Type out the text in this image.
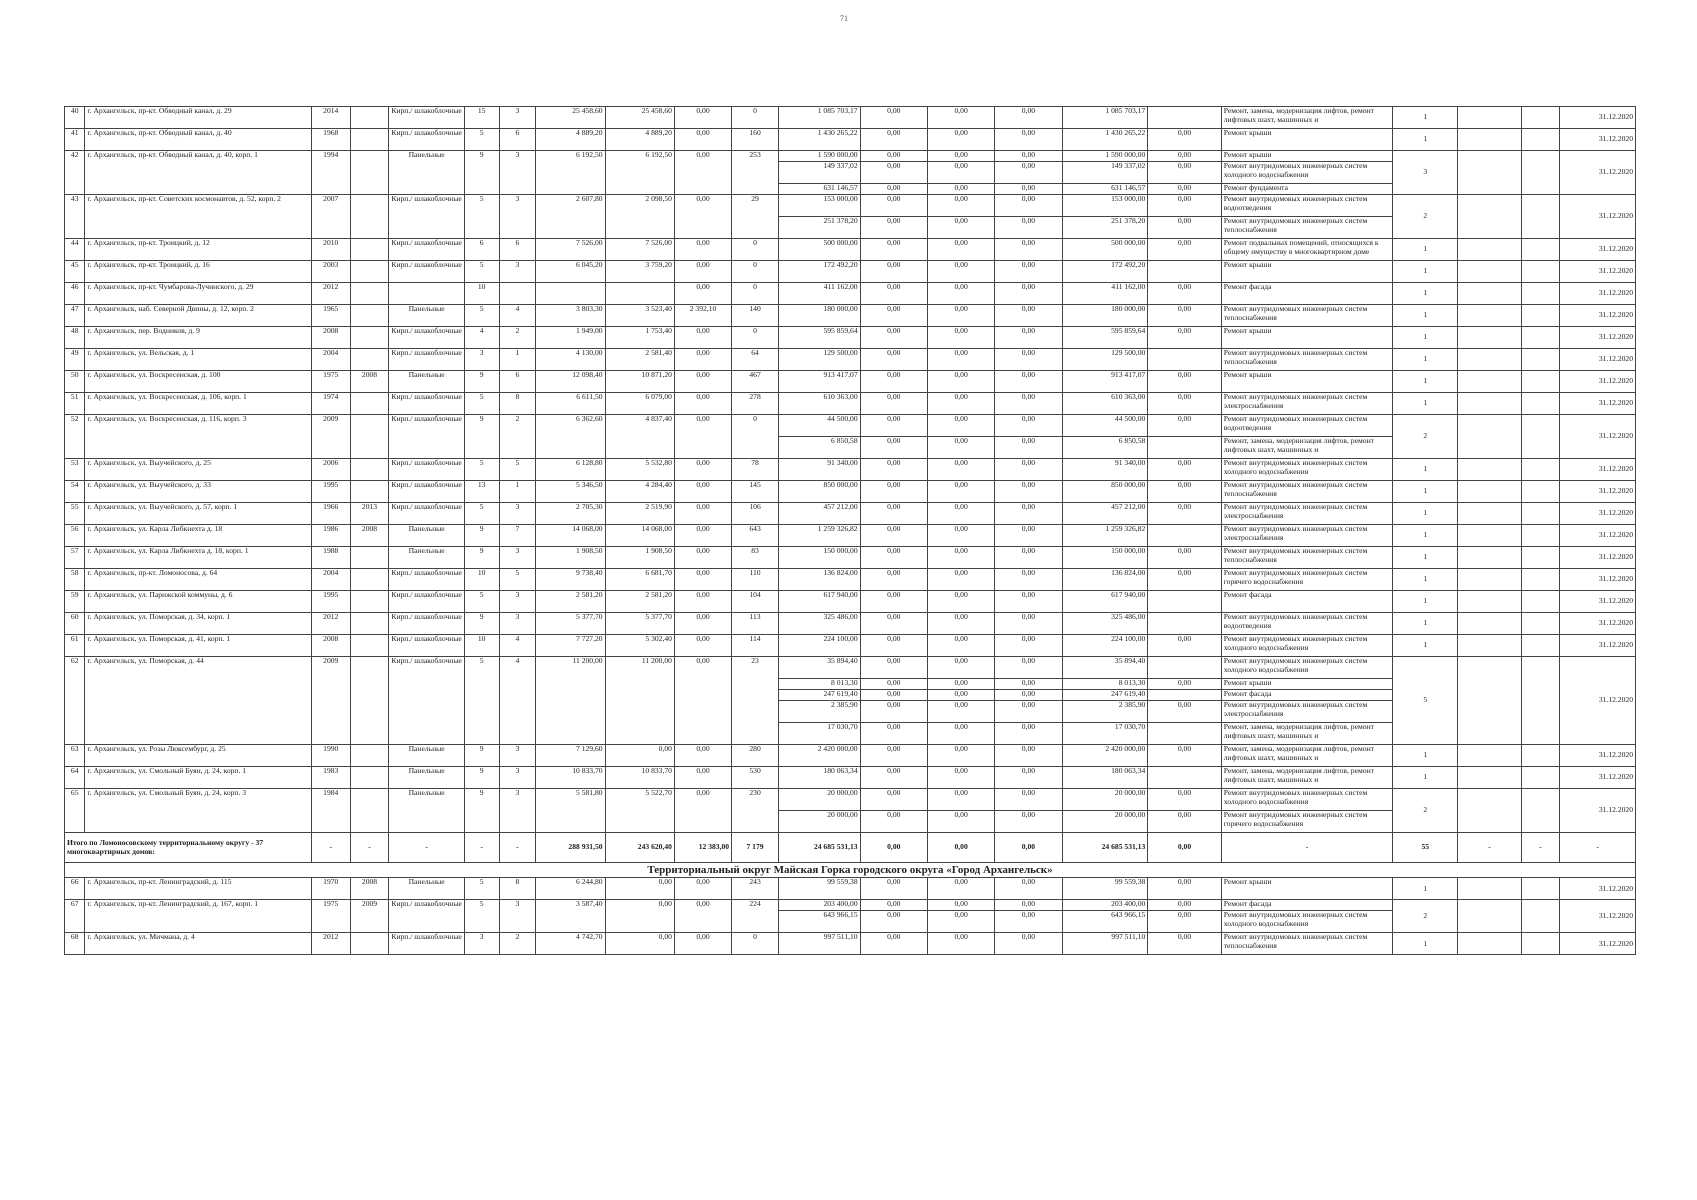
71
40	г. Архангельск, пр-кт. Обводный канал, д. 29	2014		Кирп./ шлакоблочные	15	3	25 458,60	25 458,60	0,00	0	1 085 703,17	0,00	0,00	0,00	1 085 703,17		Ремонт, замена, модернизация лифтов, ремонт лифтовых шахт, машинных и	1			31.12.2020
41	г. Архангельск, пр-кт. Обводный канал, д. 40	1968		Кирп./ шлакоблочные	5	6	4 889,20	4 889,20	0,00	160	1 430 265,22	0,00	0,00	0,00	1 430 265,22	0,00	Ремонт крыши	1			31.12.2020
42	г. Архангельск, пр-кт. Обводный канал, д. 40, корп. 1	1994		Панельные	9	3	6 192,50	6 192,50	0,00	253	1 590 000,00	0,00	0,00	0,00	1 590 000,00	0,00	Ремонт крыши	3			31.12.2020
											149 337,02	0,00	0,00	0,00	149 337,02	0,00	Ремонт внутридомовых инженерных систем холодного водоснабжения				
											631 146,57	0,00	0,00	0,00	631 146,57	0,00	Ремонт фундамента				
43	г. Архангельск, пр-кт. Советских космонавтов, д. 52, корп. 2	2007		Кирп./ шлакоблочные	5	3	2 607,80	2 098,50	0,00	29	153 000,00	0,00	0,00	0,00	153 000,00	0,00	Ремонт внутридомовых инженерных систем водоотведения	2			31.12.2020
											251 378,20	0,00	0,00	0,00	251 378,20	0,00	Ремонт внутридомовых инженерных систем теплоснабжения				
44	г. Архангельск, пр-кт. Троицкий, д. 12	2010		Кирп./ шлакоблочные	6	6	7 526,00	7 526,00	0,00	0	500 000,00	0,00	0,00	0,00	500 000,00	0,00	Ремонт подвальных помещений, относящихся к общему имуществу в многоквартирном доме	1			31.12.2020
45	г. Архангельск, пр-кт. Троицкий, д. 16	2003		Кирп./ шлакоблочные	5	3	6 045,20	3 759,20	0,00	0	172 492,20	0,00	0,00	0,00	172 492,20		Ремонт крыши	1			31.12.2020
46	г. Архангельск, пр-кт. Чумбарова-Лучинского, д. 29	2012			10				0,00	0	411 162,00	0,00	0,00	0,00	411 162,00	0,00	Ремонт фасада	1			31.12.2020
47	г. Архангельск, наб. Северной Двины, д. 12, корп. 2	1965		Панельные	5	4	3 803,30	3 523,40	2 392,10	140	180 000,00	0,00	0,00	0,00	180 000,00	0,00	Ремонт внутридомовых инженерных систем теплоснабжения	1			31.12.2020
48	г. Архангельск, пер. Водников, д. 9	2008		Кирп./ шлакоблочные	4	2	1 949,00	1 753,40	0,00	0	595 859,64	0,00	0,00	0,00	595 859,64	0,00	Ремонт крыши	1			31.12.2020
49	г. Архангельск, ул. Вельская, д. 1	2004		Кирп./ шлакоблочные	3	1	4 130,00	2 581,40	0,00	64	129 500,00	0,00	0,00	0,00	129 500,00		Ремонт внутридомовых инженерных систем теплоснабжения	1			31.12.2020
50	г. Архангельск, ул. Воскресенская, д. 100	1975	2008	Панельные	9	6	12 098,40	10 871,20	0,00	467	913 417,07	0,00	0,00	0,00	913 417,07	0,00	Ремонт крыши	1			31.12.2020
51	г. Архангельск, ул. Воскресенская, д. 106, корп. 1	1974		Кирп./ шлакоблочные	5	8	6 611,50	6 079,00	0,00	278	610 363,00	0,00	0,00	0,00	610 363,00	0,00	Ремонт внутридомовых инженерных систем электроснабжения	1			31.12.2020
52	г. Архангельск, ул. Воскресенская, д. 116, корп. 3	2009		Кирп./ шлакоблочные	9	2	6 362,60	4 837,40	0,00	0	44 500,00	0,00	0,00	0,00	44 500,00	0,00	Ремонт внутридомовых инженерных систем водоотведения	2			31.12.2020
											6 850,58	0,00	0,00	0,00	6 850,58		Ремонт, замена, модернизация лифтов, ремонт лифтовых шахт, машинных и				
53	г. Архангельск, ул. Выучейского, д. 25	2006		Кирп./ шлакоблочные	5	5	6 128,80	5 532,80	0,00	78	91 340,00	0,00	0,00	0,00	91 340,00	0,00	Ремонт внутридомовых инженерных систем холодного водоснабжения	1			31.12.2020
54	г. Архангельск, ул. Выучейского, д. 33	1995		Кирп./ шлакоблочные	13	1	5 346,50	4 284,40	0,00	145	850 000,00	0,00	0,00	0,00	850 000,00	0,00	Ремонт внутридомовых инженерных систем теплоснабжения	1			31.12.2020
55	г. Архангельск, ул. Выучейского, д. 57, корп. 1	1966	2013	Кирп./ шлакоблочные	5	3	2 705,30	2 519,90	0,00	106	457 212,00	0,00	0,00	0,00	457 212,00	0,00	Ремонт внутридомовых инженерных систем электроснабжения	1			31.12.2020
56	г. Архангельск, ул. Карла Либкнехта д. 18	1986	2008	Панельные	9	7	14 068,00	14 068,00	0,00	643	1 259 326,82	0,00	0,00	0,00	1 259 326,82		Ремонт внутридомовых инженерных систем электроснабжения	1			31.12.2020
57	г. Архангельск, ул. Карла Либкнехта д. 18, корп. 1	1988		Панельные	9	3	1 908,50	1 908,50	0,00	83	150 000,00	0,00	0,00	0,00	150 000,00	0,00	Ремонт внутридомовых инженерных систем теплоснабжения	1			31.12.2020
58	г. Архангельск, пр-кт. Ломоносова, д. 64	2004		Кирп./ шлакоблочные	10	5	9 738,40	6 681,70	0,00	110	136 824,00	0,00	0,00	0,00	136 824,00	0,00	Ремонт внутридомовых инженерных систем горячего водоснабжения	1			31.12.2020
59	г. Архангельск, ул. Парижской коммуны, д. 6	1995		Кирп./ шлакоблочные	5	3	2 581,20	2 581,20	0,00	104	617 940,00	0,00	0,00	0,00	617 940,00		Ремонт фасада	1			31.12.2020
60	г. Архангельск, ул. Поморская, д. 34, корп. 1	2012		Кирп./ шлакоблочные	9	3	5 377,70	5 377,70	0,00	113	325 486,00	0,00	0,00	0,00	325 486,00		Ремонт внутридомовых инженерных систем водоотведения	1			31.12.2020
61	г. Архангельск, ул. Поморская, д. 41, корп. 1	2008		Кирп./ шлакоблочные	10	4	7 727,20	5 302,40	0,00	114	224 100,00	0,00	0,00	0,00	224 100,00	0,00	Ремонт внутридомовых инженерных систем холодного водоснабжения	1			31.12.2020
62	г. Архангельск, ул. Поморская, д. 44	2009		Кирп./ шлакоблочные	5	4	11 200,00	11 200,00	0,00	23	35 894,40	0,00	0,00	0,00	35 894,40		Ремонт внутридомовых инженерных систем холодного водоснабжения	5			31.12.2020
											8 013,30	0,00	0,00	0,00	8 013,30	0,00	Ремонт крыши				
											247 619,40	0,00	0,00	0,00	247 619,40		Ремонт фасада				
											2 385,90	0,00	0,00	0,00	2 385,90	0,00	Ремонт внутридомовых инженерных систем электроснабжения				
											17 030,70	0,00	0,00	0,00	17 030,70		Ремонт, замена, модернизация лифтов, ремонт лифтовых шахт, машинных и				
63	г. Архангельск, ул. Розы Люксембург, д. 25	1990		Панельные	9	3	7 129,60	0,00	0,00	280	2 420 000,00	0,00	0,00	0,00	2 420 000,00	0,00	Ремонт, замена, модернизация лифтов, ремонт лифтовых шахт, машинных и	1			31.12.2020
64	г. Архангельск, ул. Смольный Буян, д. 24, корп. 1	1983		Панельные	9	3	10 833,70	10 833,70	0,00	530	180 063,34	0,00	0,00	0,00	180 063,34		Ремонт, замена, модернизация лифтов, ремонт лифтовых шахт, машинных и	1			31.12.2020
65	г. Архангельск, ул. Смольный Буян, д. 24, корп. 3	1984		Панельные	9	3	5 581,80	5 522,70	0,00	230	20 000,00	0,00	0,00	0,00	20 000,00	0,00	Ремонт внутридомовых инженерных систем холодного водоснабжения	2			31.12.2020
											20 000,00	0,00	0,00	0,00	20 000,00	0,00	Ремонт внутридомовых инженерных систем горячего водоснабжения				
Итого по Ломоносовскому территориальному округу - 37 многоквартирных домов:		-	-	-	-	-	288 931,50	243 620,40	12 383,00	7 179	24 685 531,13	0,00	0,00	0,00	24 685 531,13	0,00	-	55	-	-	-
Территориальный округ Майская Горка городского округа «Город Архангельск»																					
66	г. Архангельск, пр-кт. Ленинградский, д. 115	1970	2008	Панельные	5	8	6 244,80	0,00	0,00	243	99 559,38	0,00	0,00	0,00	99 559,38	0,00	Ремонт крыши	1			31.12.2020
67	г. Архангельск, пр-кт. Ленинградский, д. 167, корп. 1	1975	2009	Кирп./ шлакоблочные	5	3	3 587,40	0,00	0,00	224	203 400,00	0,00	0,00	0,00	203 400,00	0,00	Ремонт фасада	2			31.12.2020
											643 966,15	0,00	0,00	0,00	643 966,15	0,00	Ремонт внутридомовых инженерных систем холодного водоснабжения				
68	г. Архангельск, ул. Мичмана, д. 4	2012		Кирп./ шлакоблочные	3	2	4 742,70	0,00	0,00	0	997 511,10	0,00	0,00	0,00	997 511,10	0,00	Ремонт внутридомовых инженерных систем теплоснабжения	1			31.12.2020
